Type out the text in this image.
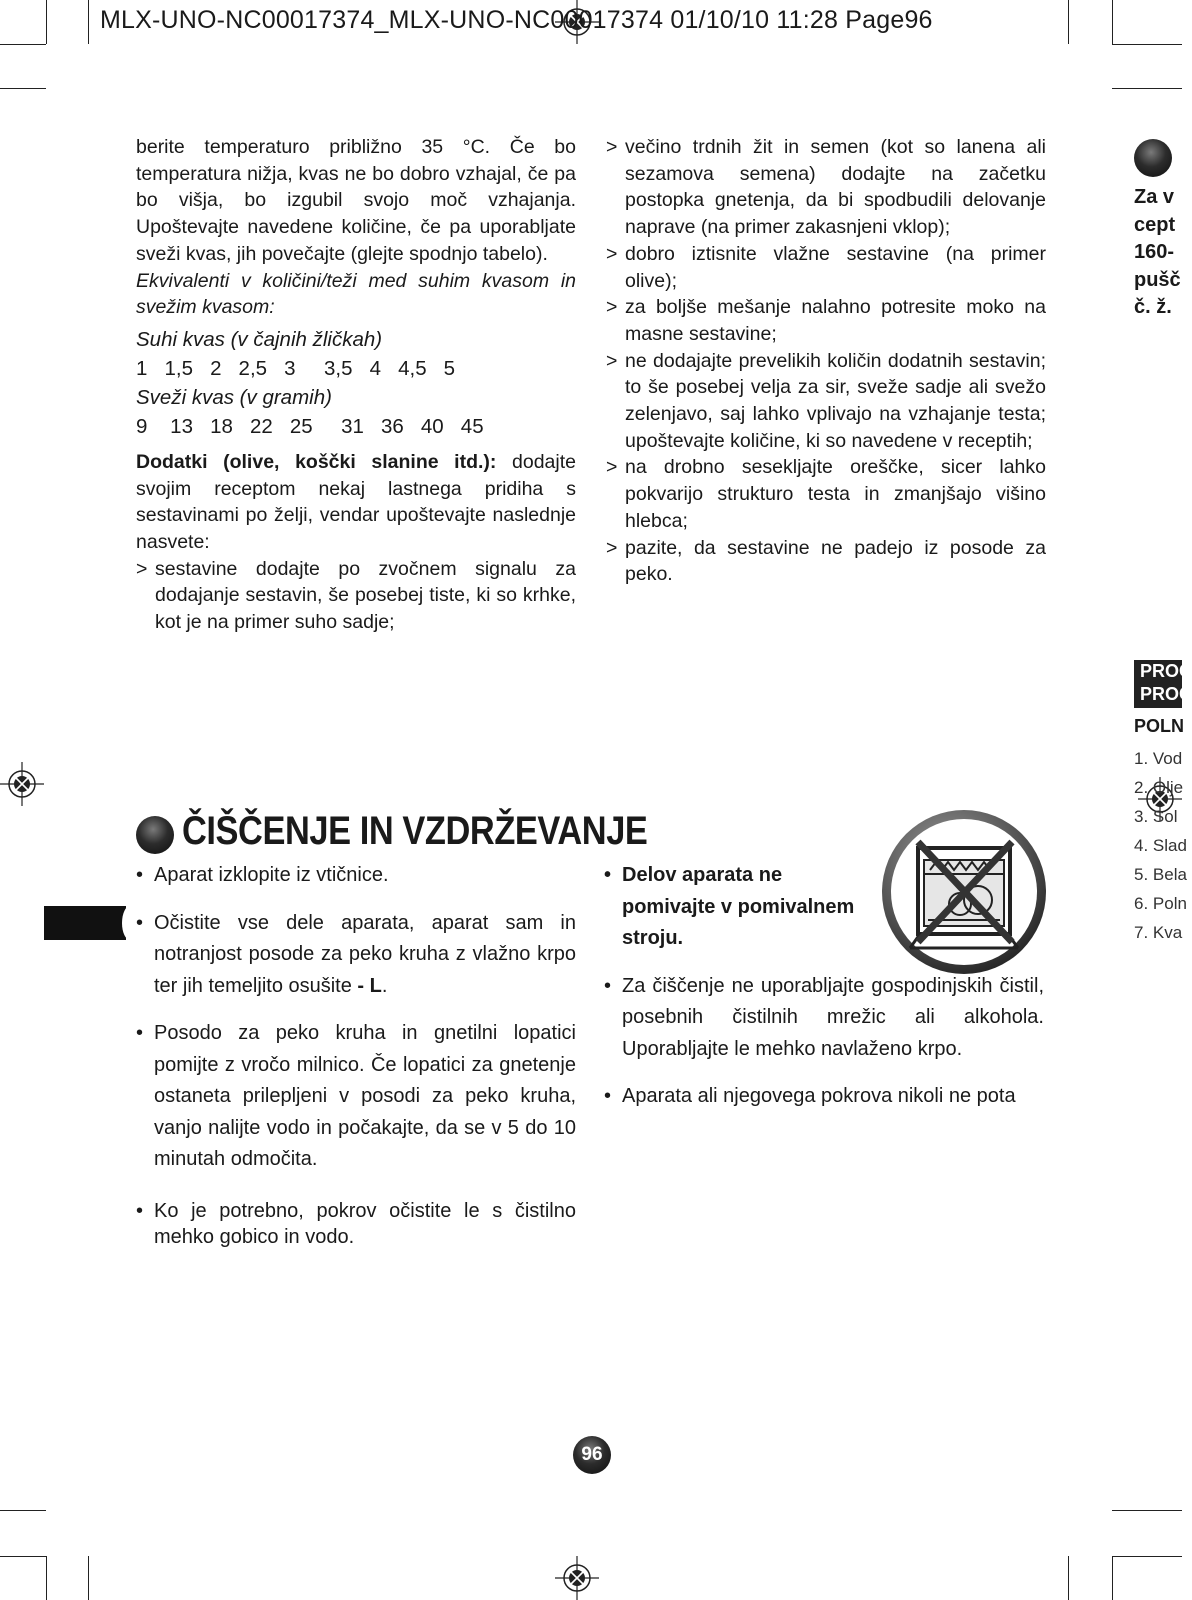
MLX-UNO-NC00017374_MLX-UNO-NC00017374 01/10/10 11:28 Page96

berite temperaturo približno 35 °C. Če bo temperatura nižja, kvas ne bo dobro vzhajal, če pa bo višja, bo izgubil svojo moč vzhajanja. Upoštevajte navedene količine, če pa uporabljate sveži kvas, jih povečajte (glejte spodnjo tabelo).

Ekvivalenti v količini/teži med suhim kvasom in svežim kvasom:

Suhi kvas (v čajnih žličkah)
1   1,5   2   2,5   3     3,5   4   4,5   5
Sveži kvas (v gramih)
9    13   18   22   25     31   36   40   45

Dodatki (olive, koščki slanine itd.): dodajte svojim receptom nekaj lastnega pridiha s sestavinami po želji, vendar upoštevajte naslednje nasvete:

> sestavine dodajte po zvočnem signalu za dodajanje sestavin, še posebej tiste, ki so krhke, kot je na primer suho sadje;
> večino trdnih žit in semen (kot so lanena ali sezamova semena) dodajte na začetku postopka gnetenja, da bi spodbudili delovanje naprave (na primer zakasnjeni vklop);
> dobro iztisnite vlažne sestavine (na primer olive);
> za boljše mešanje nalahno potresite moko na masne sestavine;
> ne dodajajte prevelikih količin dodatnih sestavin; to še posebej velja za sir, sveže sadje ali svežo zelenjavo, saj lahko vplivajo na vzhajanje testa; upoštevajte količine, ki so navedene v receptih;
> na drobno sesekljajte oreščke, sicer lahko pokvarijo strukturo testa in zmanjšajo višino hlebca;
> pazite, da sestavine ne padejo iz posode za peko.
ČIŠČENJE IN VZDRŽEVANJE
• Aparat izklopite iz vtičnice.
• Očistite vse dele aparata, aparat sam in notranjost posode za peko kruha z vlažno krpo ter jih temeljito osušite - L.
• Posodo za peko kruha in gnetilni lopatici pomijte z vročo milnico. Če lopatici za gnetenje ostaneta prilepljeni v posodi za peko kruha, vanjo nalijte vodo in počakajte, da se v 5 do 10 minutah odmočita.
• Ko je potrebno, pokrov očistite le s čistilno mehko gobico in vodo.
• Delov aparata ne pomivajte v pomivalnem stroju.
• Za čiščenje ne uporabljajte gospodinjskih čistil, posebnih čistilnih mrežic ali alkohola. Uporabljajte le mehko navlaženo krpo.
• Aparata ali njegovega pokrova nikoli ne pota
Za v
cept
160-
pušč
č. ž.
PROC
PROC
POLN
1. Vod
2. Olje
3. Sol
4. Slad
5. Bela
6. Poln
7. Kva
96
